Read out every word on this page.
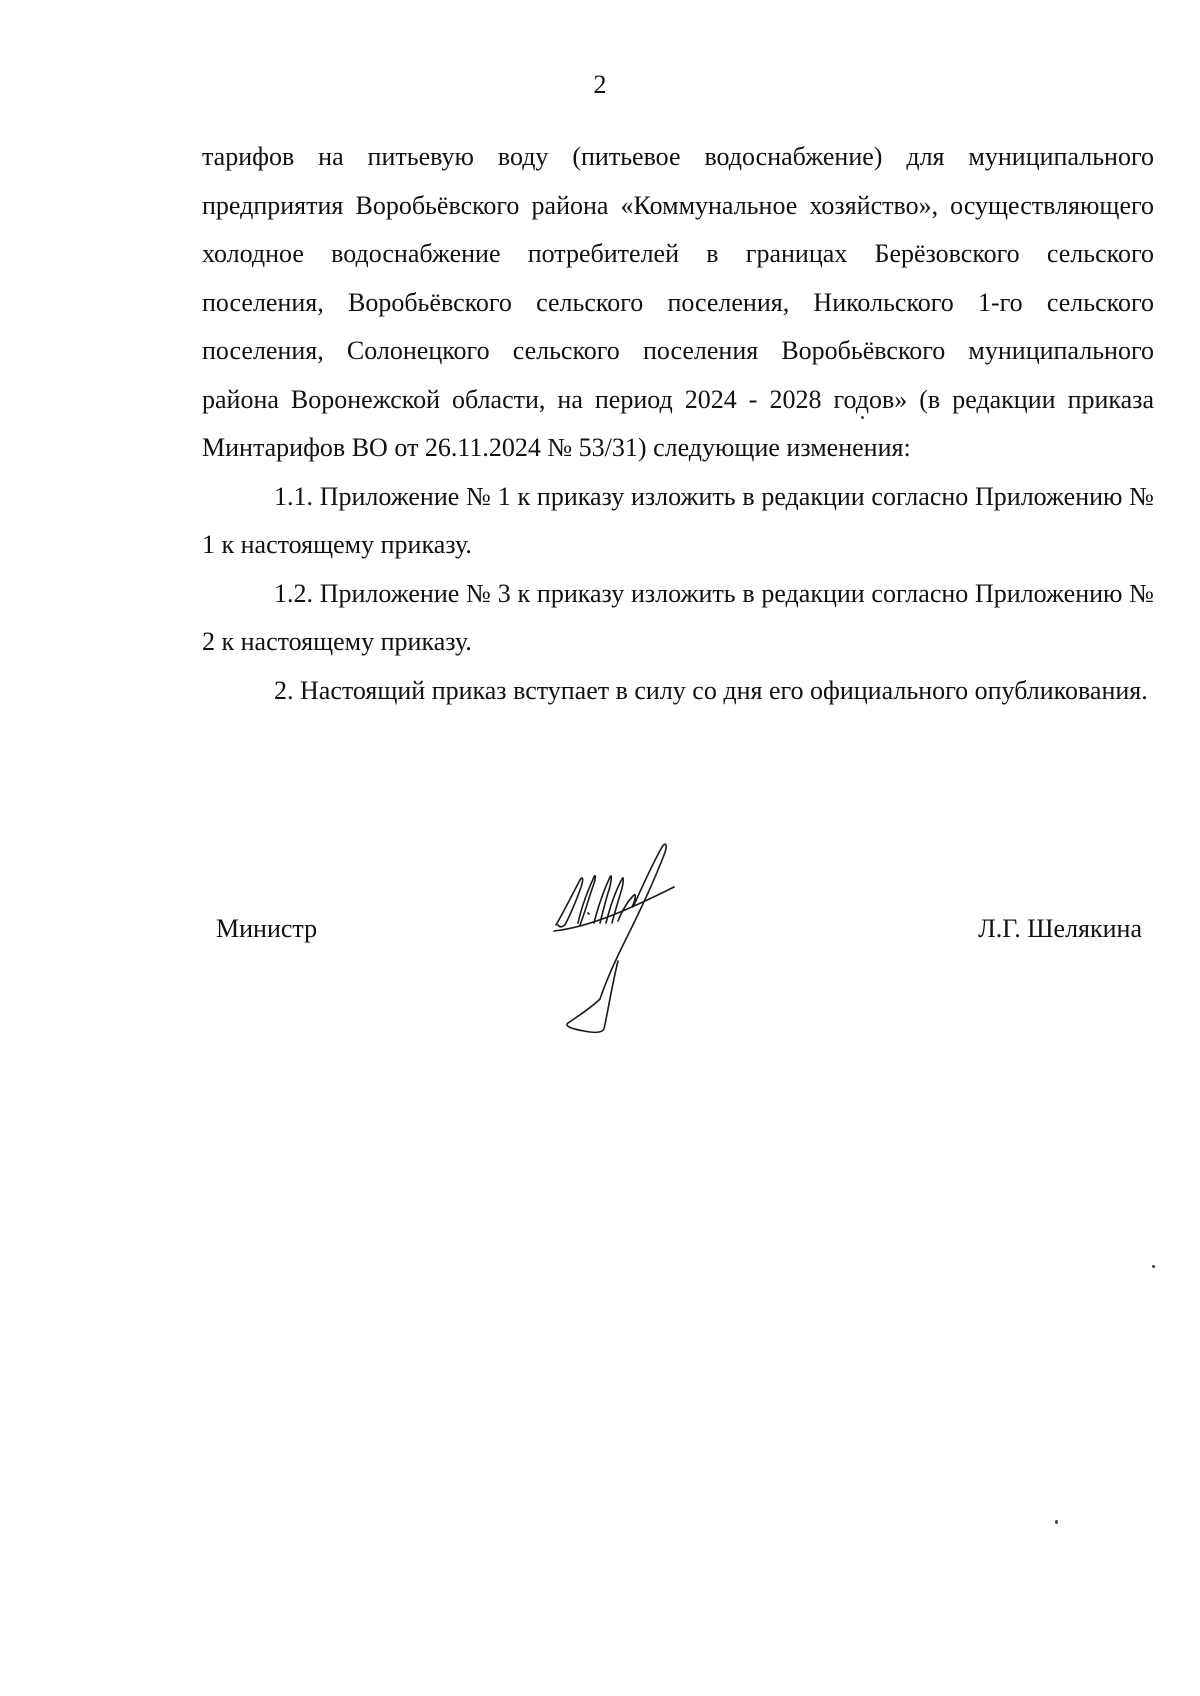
2

тарифов на питьевую воду (питьевое водоснабжение) для муниципального предприятия Воробьёвского района «Коммунальное хозяйство», осуществляющего холодное водоснабжение потребителей в границах Берёзовского сельского поселения, Воробьёвского сельского поселения, Никольского 1-го сельского поселения, Солонецкого сельского поселения Воробьёвского муниципального района Воронежской области, на период 2024 - 2028 годов» (в редакции приказа Минтарифов ВО от 26.11.2024 № 53/31) следующие изменения:

1.1. Приложение № 1 к приказу изложить в редакции согласно Приложению № 1 к настоящему приказу.

1.2. Приложение № 3 к приказу изложить в редакции согласно Приложению № 2 к настоящему приказу.

2. Настоящий приказ вступает в силу со дня его официального опубликования.

Министр	Л.Г. Шелякина
